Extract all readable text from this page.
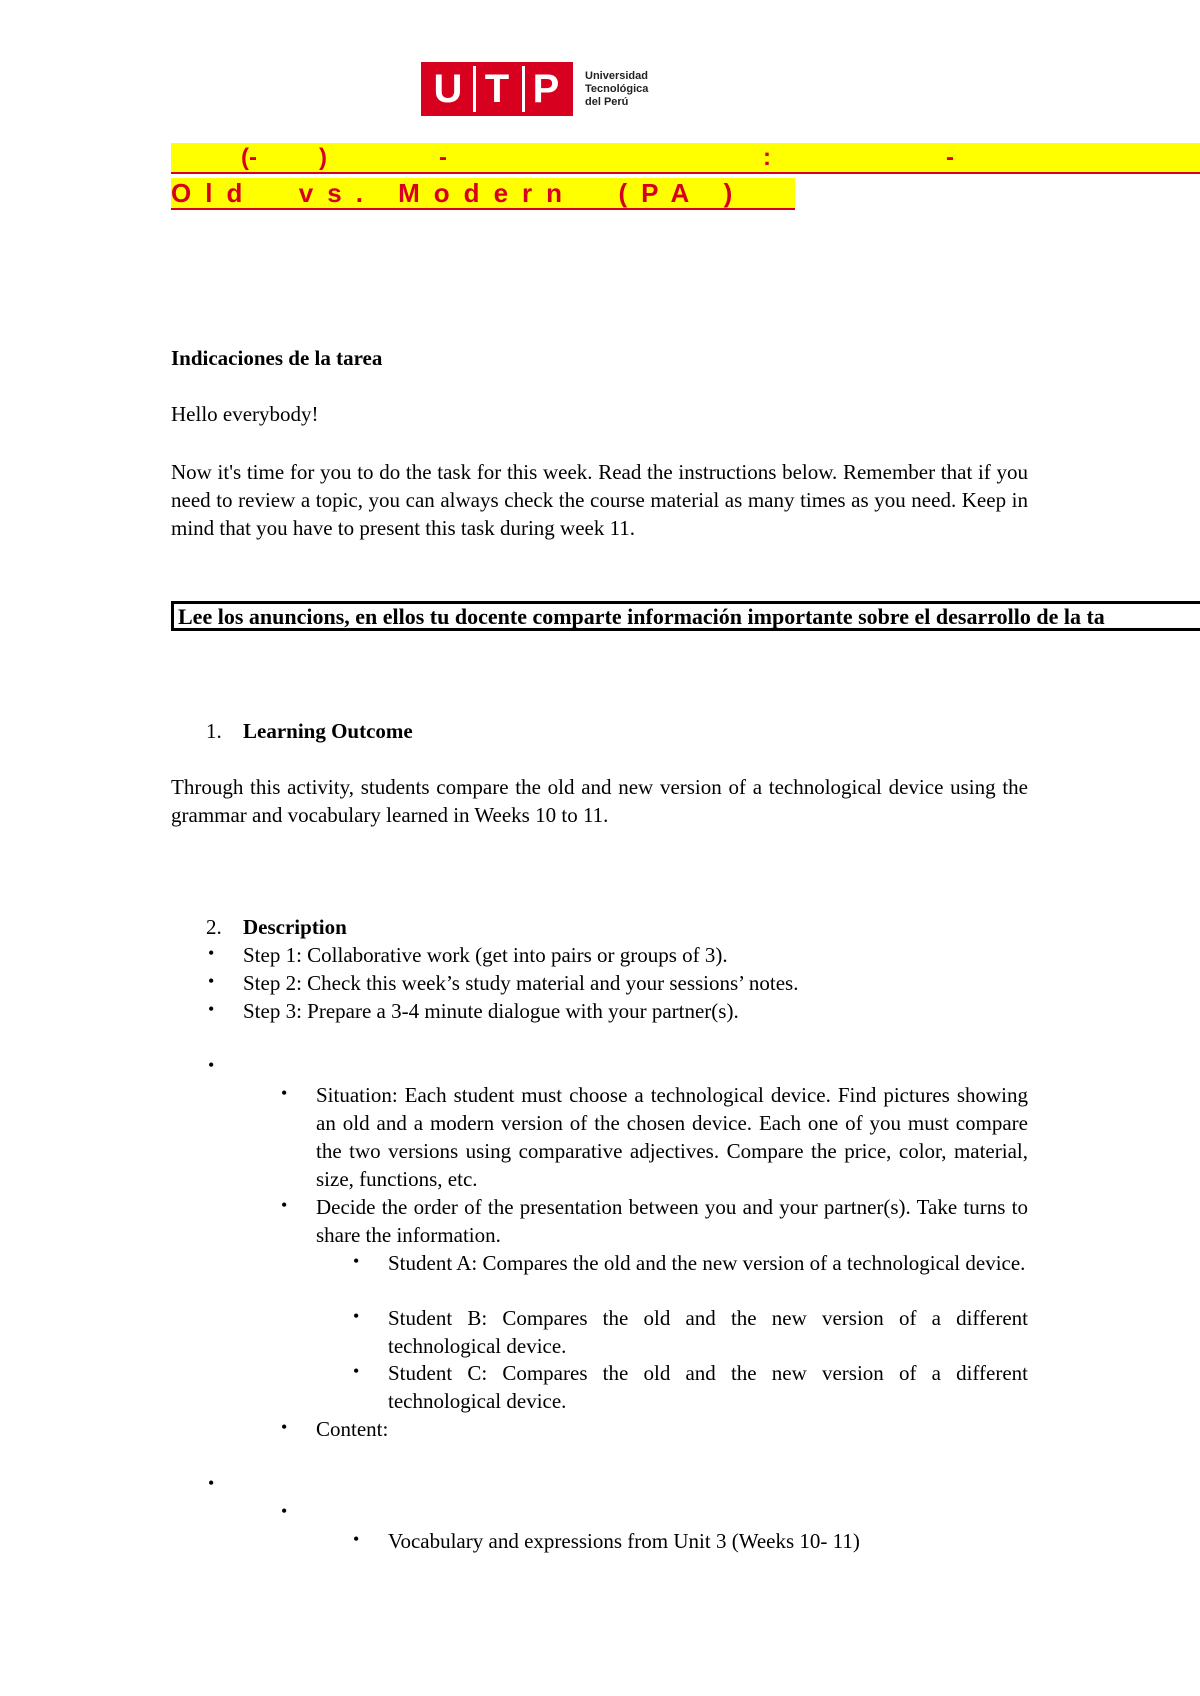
U T P	Universidad
Tecnológica
del Perú
(-	)	-	:	-
Old  vs. Modern  (PA )
Indicaciones de la tarea
Hello everybody!
Now it's time for you to do the task for this week. Read the instructions below. Remember that if you need to review a topic, you can always check the course material as many times as you need. Keep in mind that you have to present this task during week 11.
Lee los anuncions, en ellos tu docente comparte información importante sobre el desarrollo de la ta
1. Learning Outcome
Through this activity, students compare the old and new version of a technological device using the grammar and vocabulary learned in Weeks 10 to 11.
2. Description
• Step 1: Collaborative work (get into pairs or groups of 3).
• Step 2: Check this week’s study material and your sessions’ notes.
• Step 3: Prepare a 3-4 minute dialogue with your partner(s).
•
• Situation: Each student must choose a technological device. Find pictures showing an old and a modern version of the chosen device. Each one of you must compare the two versions using comparative adjectives. Compare the price, color, material, size, functions, etc.
• Decide the order of the presentation between you and your partner(s). Take turns to share the information.
• Student A: Compares the old and the new version of a technological device.
• Student B: Compares the old and the new version of a different technological device.
• Student C: Compares the old and the new version of a different technological device.
• Content:
•
•
• Vocabulary and expressions from Unit 3 (Weeks 10- 11)
